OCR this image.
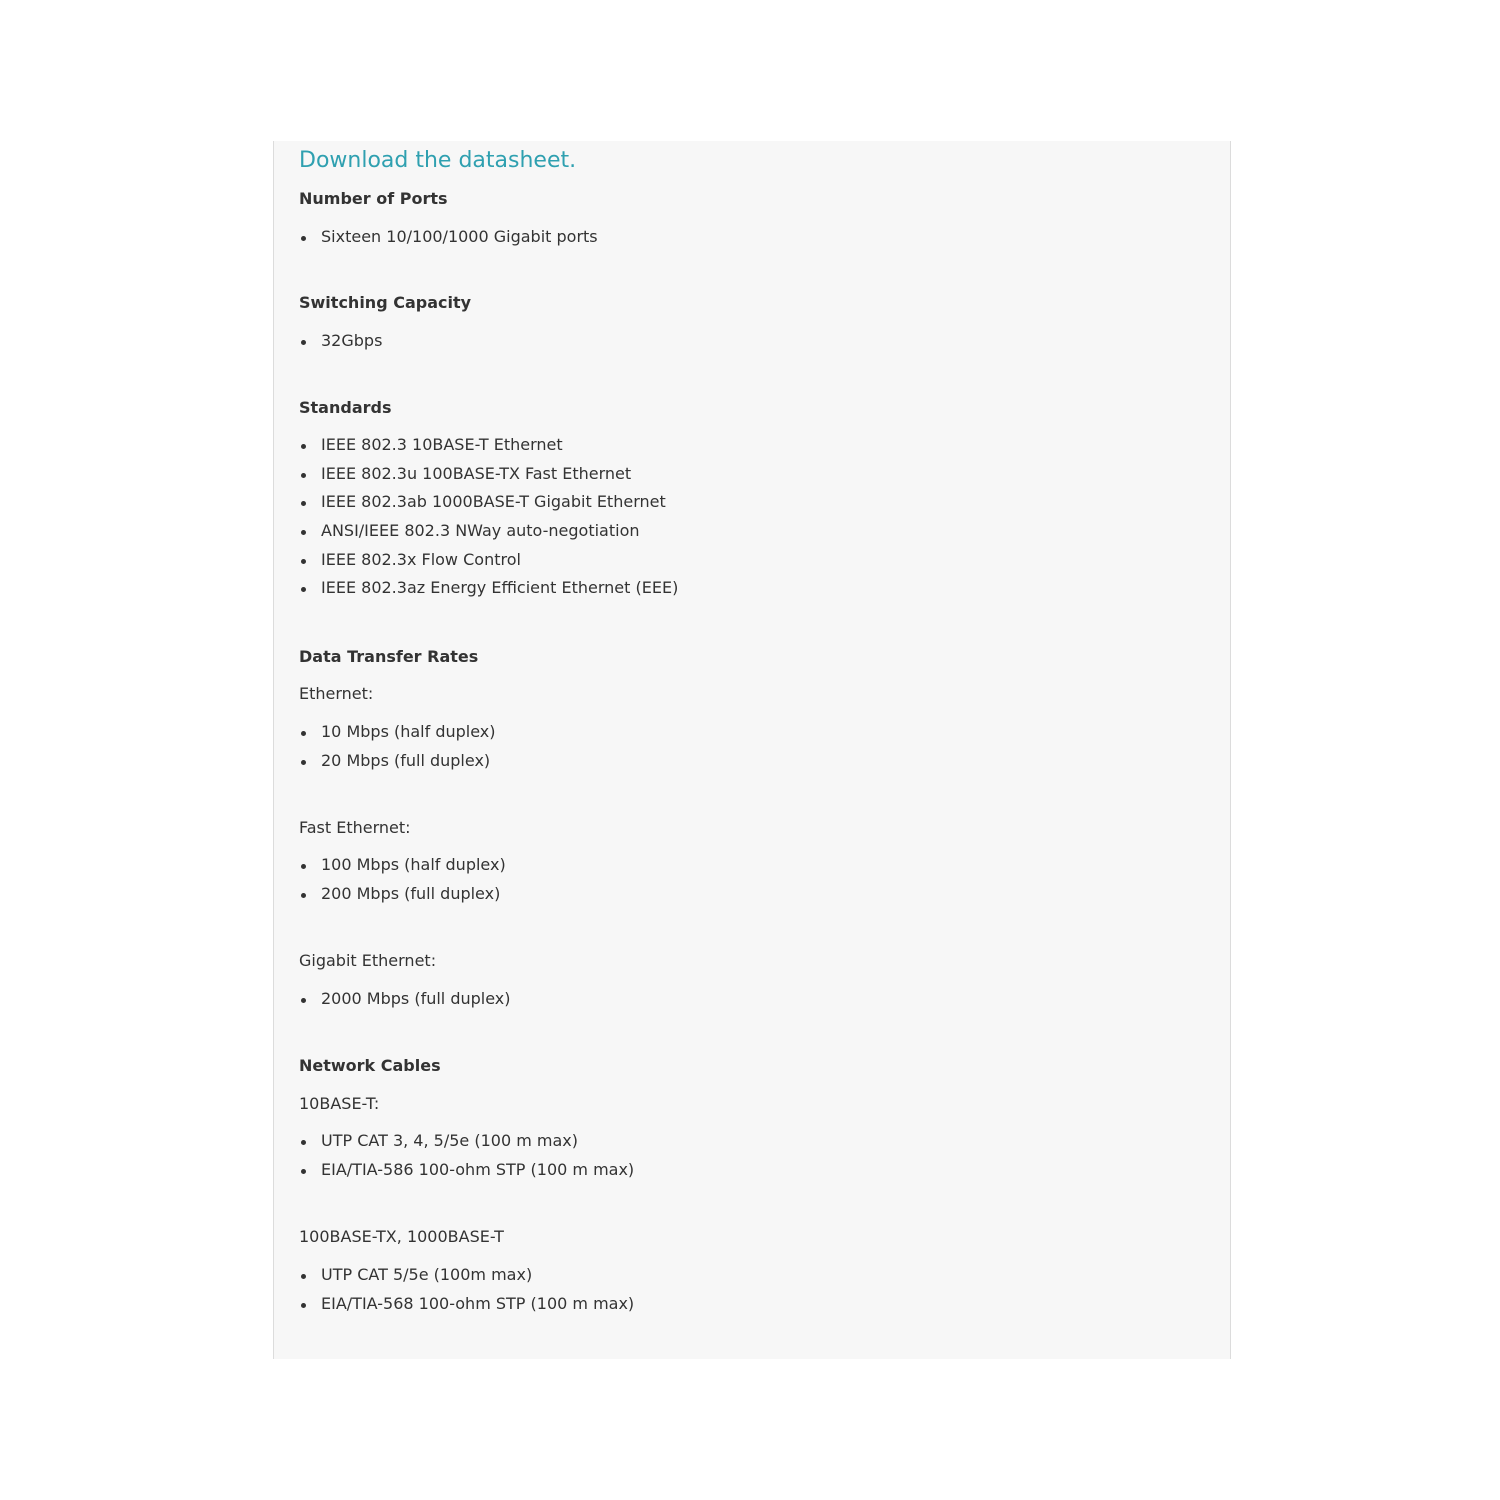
Download the datasheet.

Number of Ports

Sixteen 10/100/1000 Gigabit ports

Switching Capacity

32Gbps

Standards

IEEE 802.3 10BASE-T Ethernet
IEEE 802.3u 100BASE-TX Fast Ethernet
IEEE 802.3ab 1000BASE-T Gigabit Ethernet
ANSI/IEEE 802.3 NWay auto-negotiation
IEEE 802.3x Flow Control
IEEE 802.3az Energy Efficient Ethernet (EEE)

Data Transfer Rates

Ethernet:

10 Mbps (half duplex)
20 Mbps (full duplex)

Fast Ethernet:

100 Mbps (half duplex)
200 Mbps (full duplex)

Gigabit Ethernet:

2000 Mbps (full duplex)

Network Cables

10BASE-T:

UTP CAT 3, 4, 5/5e (100 m max)
EIA/TIA-586 100-ohm STP (100 m max)

100BASE-TX, 1000BASE-T

UTP CAT 5/5e (100m max)
EIA/TIA-568 100-ohm STP (100 m max)
